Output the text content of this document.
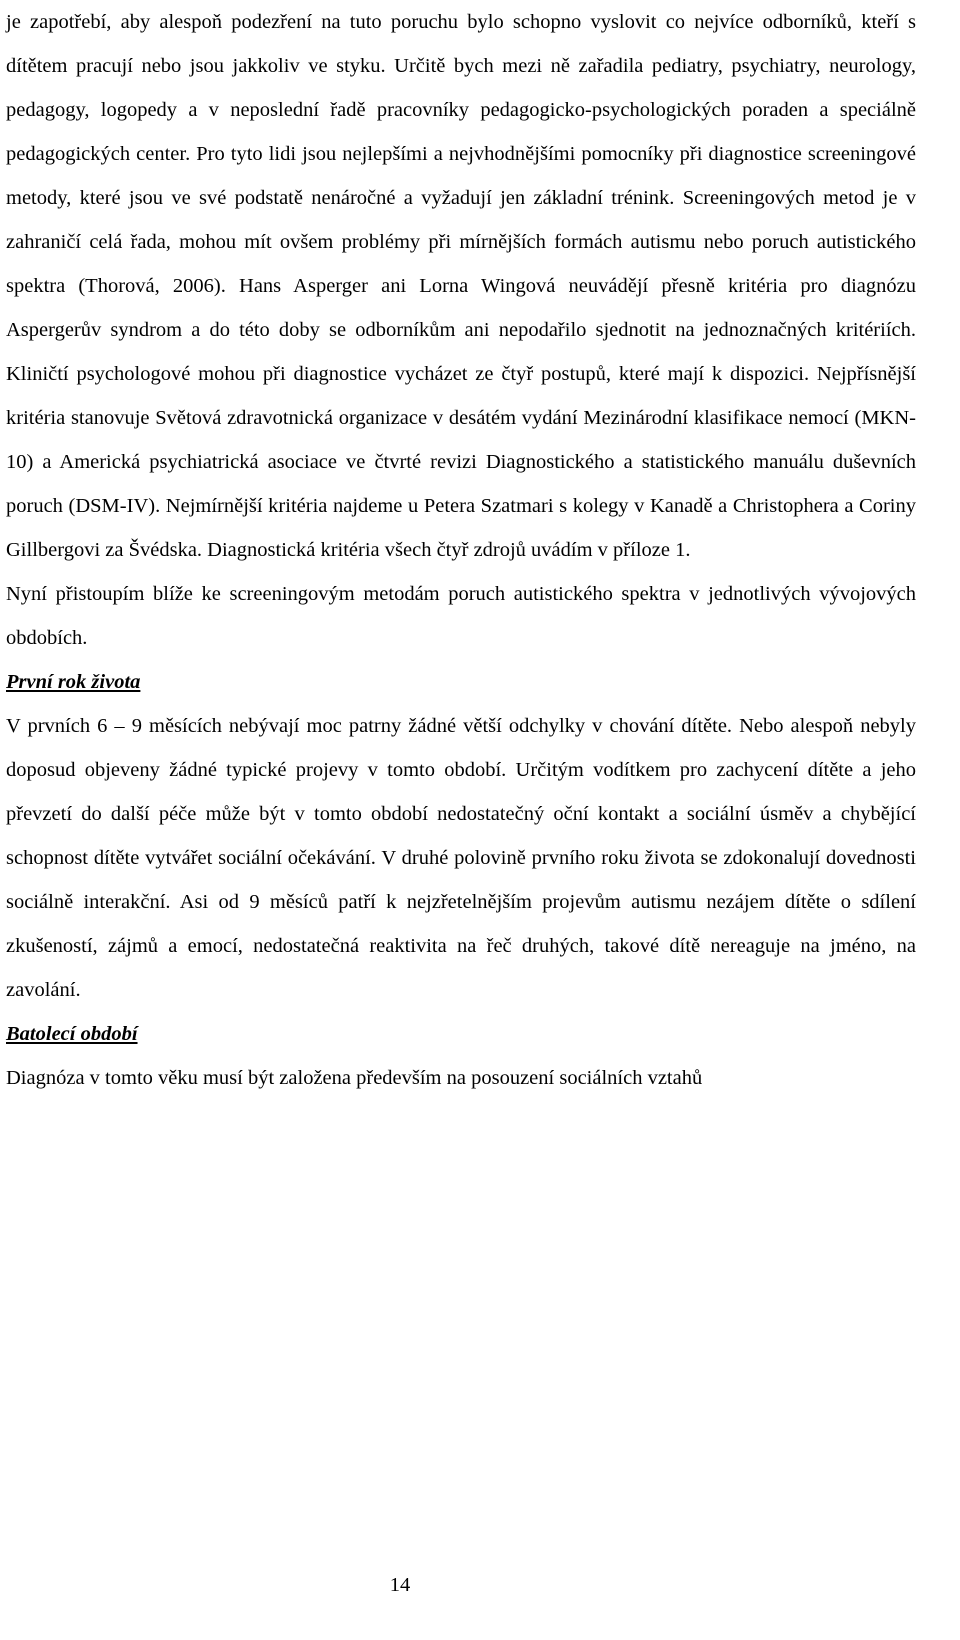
je zapotřebí, aby alespoň podezření na tuto poruchu bylo schopno vyslovit co nejvíce odborníků, kteří s dítětem pracují nebo jsou jakkoliv ve styku. Určitě bych mezi ně zařadila pediatry, psychiatry, neurology, pedagogy, logopedy a v neposlední řadě pracovníky pedagogicko-psychologických poraden a speciálně pedagogických center. Pro tyto lidi jsou nejlepšími a nejvhodnějšími pomocníky při diagnostice screeningové metody, které jsou ve své podstatě nenáročné a vyžadují jen základní trénink. Screeningových metod je v zahraničí celá řada, mohou mít ovšem problémy při mírnějších formách autismu nebo poruch autistického spektra (Thorová, 2006). Hans Asperger ani Lorna Wingová neuvádějí přesně kritéria pro diagnózu Aspergerův syndrom a do této doby se odborníkům ani nepodařilo sjednotit na jednoznačných kritériích. Kliničtí psychologové mohou při diagnostice vycházet ze čtyř postupů, které mají k dispozici. Nejpřísnější kritéria stanovuje Světová zdravotnická organizace v desátém vydání Mezinárodní klasifikace nemocí (MKN-10) a Americká psychiatrická asociace ve čtvrté revizi Diagnostického a statistického manuálu duševních poruch (DSM-IV). Nejmírnější kritéria najdeme u Petera Szatmari s kolegy v Kanadě a Christophera a Coriny Gillbergovi za Švédska. Diagnostická kritéria všech čtyř zdrojů uvádím v příloze 1.

Nyní přistoupím blíže ke screeningovým metodám poruch autistického spektra v jednotlivých vývojových obdobích.

První rok života

V prvních 6 – 9 měsících nebývají moc patrny žádné větší odchylky v chování dítěte. Nebo alespoň nebyly doposud objeveny žádné typické projevy v tomto období. Určitým vodítkem pro zachycení dítěte a jeho převzetí do další péče může být v tomto období nedostatečný oční kontakt a sociální úsměv a chybějící schopnost dítěte vytvářet sociální očekávání. V druhé polovině prvního roku života se zdokonalují dovednosti sociálně interakční. Asi od 9 měsíců patří k nejzřetelnějším projevům autismu nezájem dítěte o sdílení zkušeností, zájmů a emocí, nedostatečná reaktivita na řeč druhých, takové dítě nereaguje na jméno, na zavolání.

Batolecí období

Diagnóza v tomto věku musí být založena především na posouzení sociálních vztahů

14
